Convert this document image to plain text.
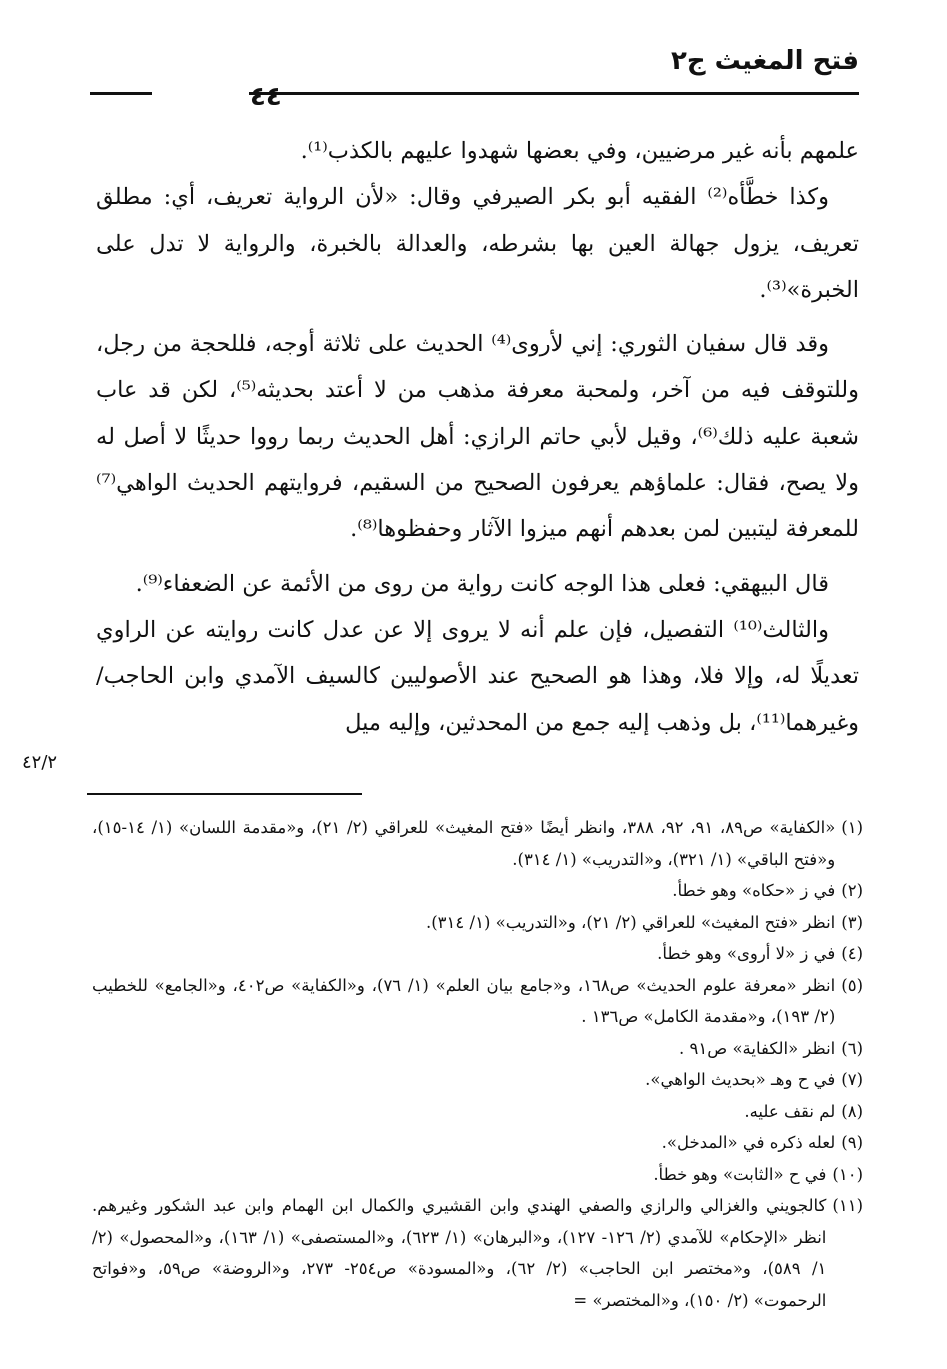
فتح المغيث ج٢
٤٤

علمهم بأنه غير مرضيين، وفي بعضها شهدوا عليهم بالكذب⁽¹⁾.

وكذا خطَّأه⁽²⁾ الفقيه أبو بكر الصيرفي وقال: «لأن الرواية تعريف، أي: مطلق تعريف، يزول جهالة العين بها بشرطه، والعدالة بالخبرة، والرواية لا تدل على الخبرة»⁽³⁾.

وقد قال سفيان الثوري: إني لأروى⁽⁴⁾ الحديث على ثلاثة أوجه، فللحجة من رجل، وللتوقف فيه من آخر، ولمحبة معرفة مذهب من لا أعتد بحديثه⁽⁵⁾، لكن قد عاب شعبة عليه ذلك⁽⁶⁾، وقيل لأبي حاتم الرازي: أهل الحديث ربما رووا حديثًا لا أصل له ولا يصح، فقال: علماؤهم يعرفون الصحيح من السقيم، فروايتهم الحديث الواهي⁽⁷⁾ للمعرفة ليتبين لمن بعدهم أنهم ميزوا الآثار وحفظوها⁽⁸⁾.

قال البيهقي: فعلى هذا الوجه كانت رواية من روى من الأئمة عن الضعفاء⁽⁹⁾.

والثالث⁽¹⁰⁾ التفصيل، فإن علم أنه لا يروى إلا عن عدل كانت روايته عن الراوي تعديلًا له، وإلا فلا، وهذا هو الصحيح عند الأصوليين كالسيف الآمدي وابن الحاجب/ وغيرهما⁽¹¹⁾، بل وذهب إليه جمع من المحدثين، وإليه ميل

٤٢/٢
(١)
«الكفاية» ص٨٩، ٩١، ٩٢، ٣٨٨، وانظر أيضًا «فتح المغيث» للعراقي (٢/ ٢١)، و«مقدمة اللسان» (١/ ١٤-١٥)، و«فتح الباقي» (١/ ٣٢١)، و«التدريب» (١/ ٣١٤).
(٢)
في ز «حكاه» وهو خطأ.
(٣)
انظر «فتح المغيث» للعراقي (٢/ ٢١)، و«التدريب» (١/ ٣١٤).
(٤)
في ز «لا أروى» وهو خطأ.
(٥)
انظر «معرفة علوم الحديث» ص١٦٨، و«جامع بيان العلم» (١/ ٧٦)، و«الكفاية» ص٤٠٢، و«الجامع» للخطيب (٢/ ١٩٣)، و«مقدمة الكامل» ص١٣٦ .
(٦)
انظر «الكفاية» ص٩١ .
(٧)
في ح وهـ «بحديث الواهي».
(٨)
لم نقف عليه.
(٩)
لعله ذكره في «المدخل».
(١٠)
في ح «الثابت» وهو خطأ.
(١١)
كالجويني والغزالي والرازي والصفي الهندي وابن القشيري والكمال ابن الهمام وابن عبد الشكور وغيرهم. انظر «الإحكام» للآمدي (٢/ ١٢٦- ١٢٧)، و«البرهان» (١/ ٦٢٣)، و«المستصفى» (١/ ١٦٣)، و«المحصول» (٢/ ١/ ٥٨٩)، و«مختصر ابن الحاجب» (٢/ ٦٢)، و«المسودة» ص٢٥٤- ٢٧٣، و«الروضة» ص٥٩، و«فواتح الرحموت» (٢/ ١٥٠)، و«المختصر» =
